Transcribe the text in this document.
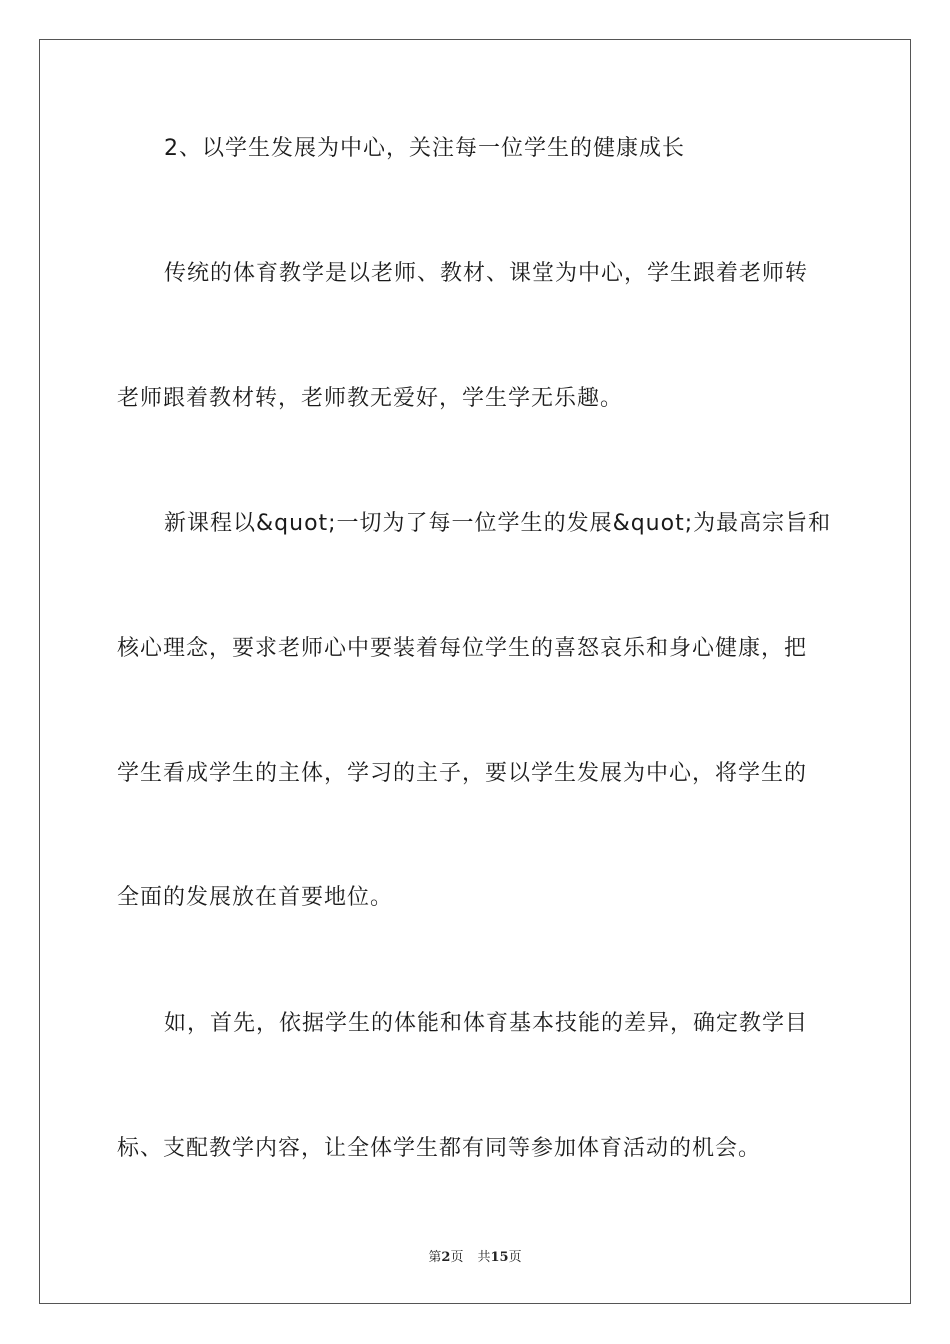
2、以学生发展为中心，关注每一位学生的健康成长
传统的体育教学是以老师、教材、课堂为中心，学生跟着老师转
老师跟着教材转，老师教无爱好，学生学无乐趣。
新课程以&quot;一切为了每一位学生的发展&quot;为最高宗旨和
核心理念，要求老师心中要装着每位学生的喜怒哀乐和身心健康，把
学生看成学生的主体，学习的主子，要以学生发展为中心，将学生的
全面的发展放在首要地位。
如，首先，依据学生的体能和体育基本技能的差异，确定教学目
标、支配教学内容，让全体学生都有同等参加体育活动的机会。
第2页 共15页
